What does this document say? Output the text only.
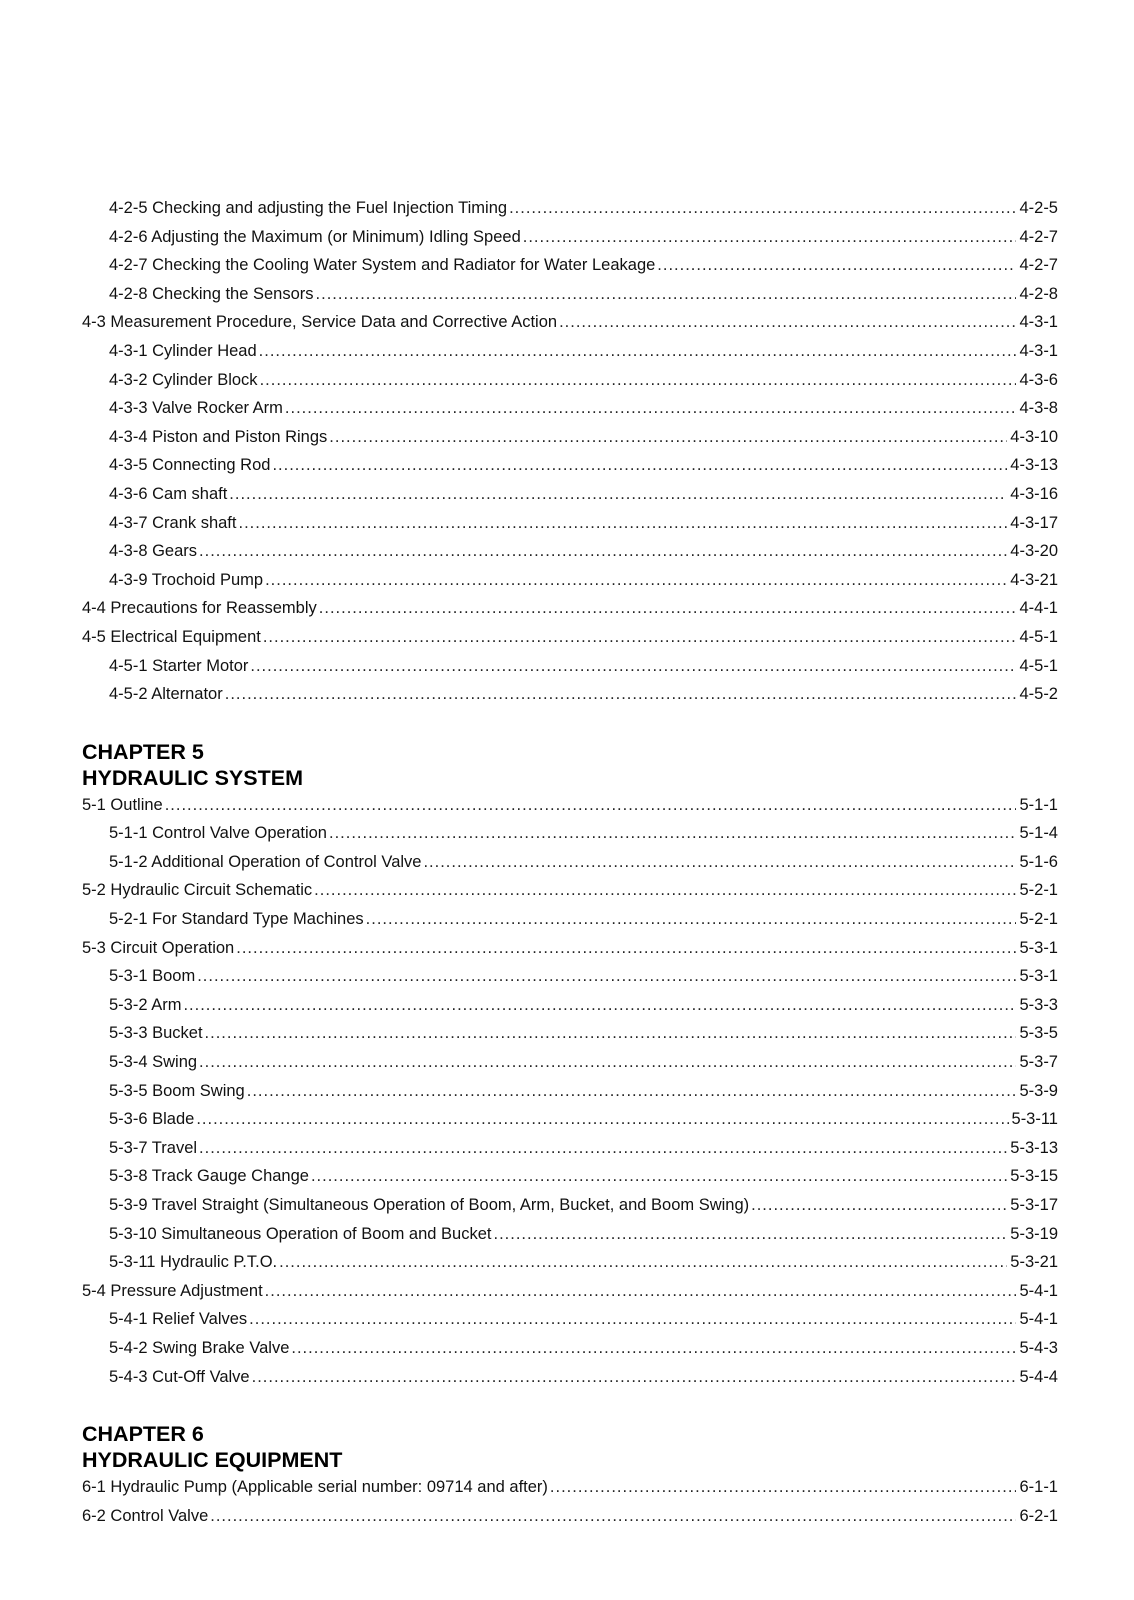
4-2-5 Checking and adjusting the Fuel Injection Timing .....	4-2-5
4-2-6 Adjusting the Maximum (or Minimum) Idling Speed .....	4-2-7
4-2-7 Checking the Cooling Water System and Radiator for Water Leakage .....	4-2-7
4-2-8 Checking the Sensors .....	4-2-8
4-3 Measurement Procedure, Service Data and Corrective Action .....	4-3-1
4-3-1 Cylinder Head .....	4-3-1
4-3-2 Cylinder Block .....	4-3-6
4-3-3 Valve Rocker Arm .....	4-3-8
4-3-4 Piston and Piston Rings .....	4-3-10
4-3-5 Connecting Rod .....	4-3-13
4-3-6 Cam shaft .....	4-3-16
4-3-7 Crank shaft .....	4-3-17
4-3-8 Gears .....	4-3-20
4-3-9 Trochoid Pump .....	4-3-21
4-4 Precautions for Reassembly .....	4-4-1
4-5 Electrical Equipment .....	4-5-1
4-5-1 Starter Motor .....	4-5-1
4-5-2 Alternator .....	4-5-2
CHAPTER 5
HYDRAULIC SYSTEM
5-1 Outline .....	5-1-1
5-1-1 Control Valve Operation .....	5-1-4
5-1-2 Additional Operation of Control Valve .....	5-1-6
5-2 Hydraulic Circuit Schematic .....	5-2-1
5-2-1 For Standard Type Machines .....	5-2-1
5-3 Circuit Operation .....	5-3-1
5-3-1 Boom .....	5-3-1
5-3-2 Arm .....	5-3-3
5-3-3 Bucket .....	5-3-5
5-3-4 Swing .....	5-3-7
5-3-5 Boom Swing .....	5-3-9
5-3-6 Blade .....	5-3-11
5-3-7 Travel .....	5-3-13
5-3-8 Track Gauge Change .....	5-3-15
5-3-9 Travel Straight (Simultaneous Operation of Boom, Arm, Bucket, and Boom Swing) .....	5-3-17
5-3-10 Simultaneous Operation of Boom and Bucket .....	5-3-19
5-3-11 Hydraulic P.T.O. .....	5-3-21
5-4 Pressure Adjustment .....	5-4-1
5-4-1 Relief Valves .....	5-4-1
5-4-2 Swing Brake Valve .....	5-4-3
5-4-3 Cut-Off Valve .....	5-4-4
CHAPTER 6
HYDRAULIC EQUIPMENT
6-1 Hydraulic Pump (Applicable serial number: 09714 and after) .....	6-1-1
6-2 Control Valve .....	6-2-1
